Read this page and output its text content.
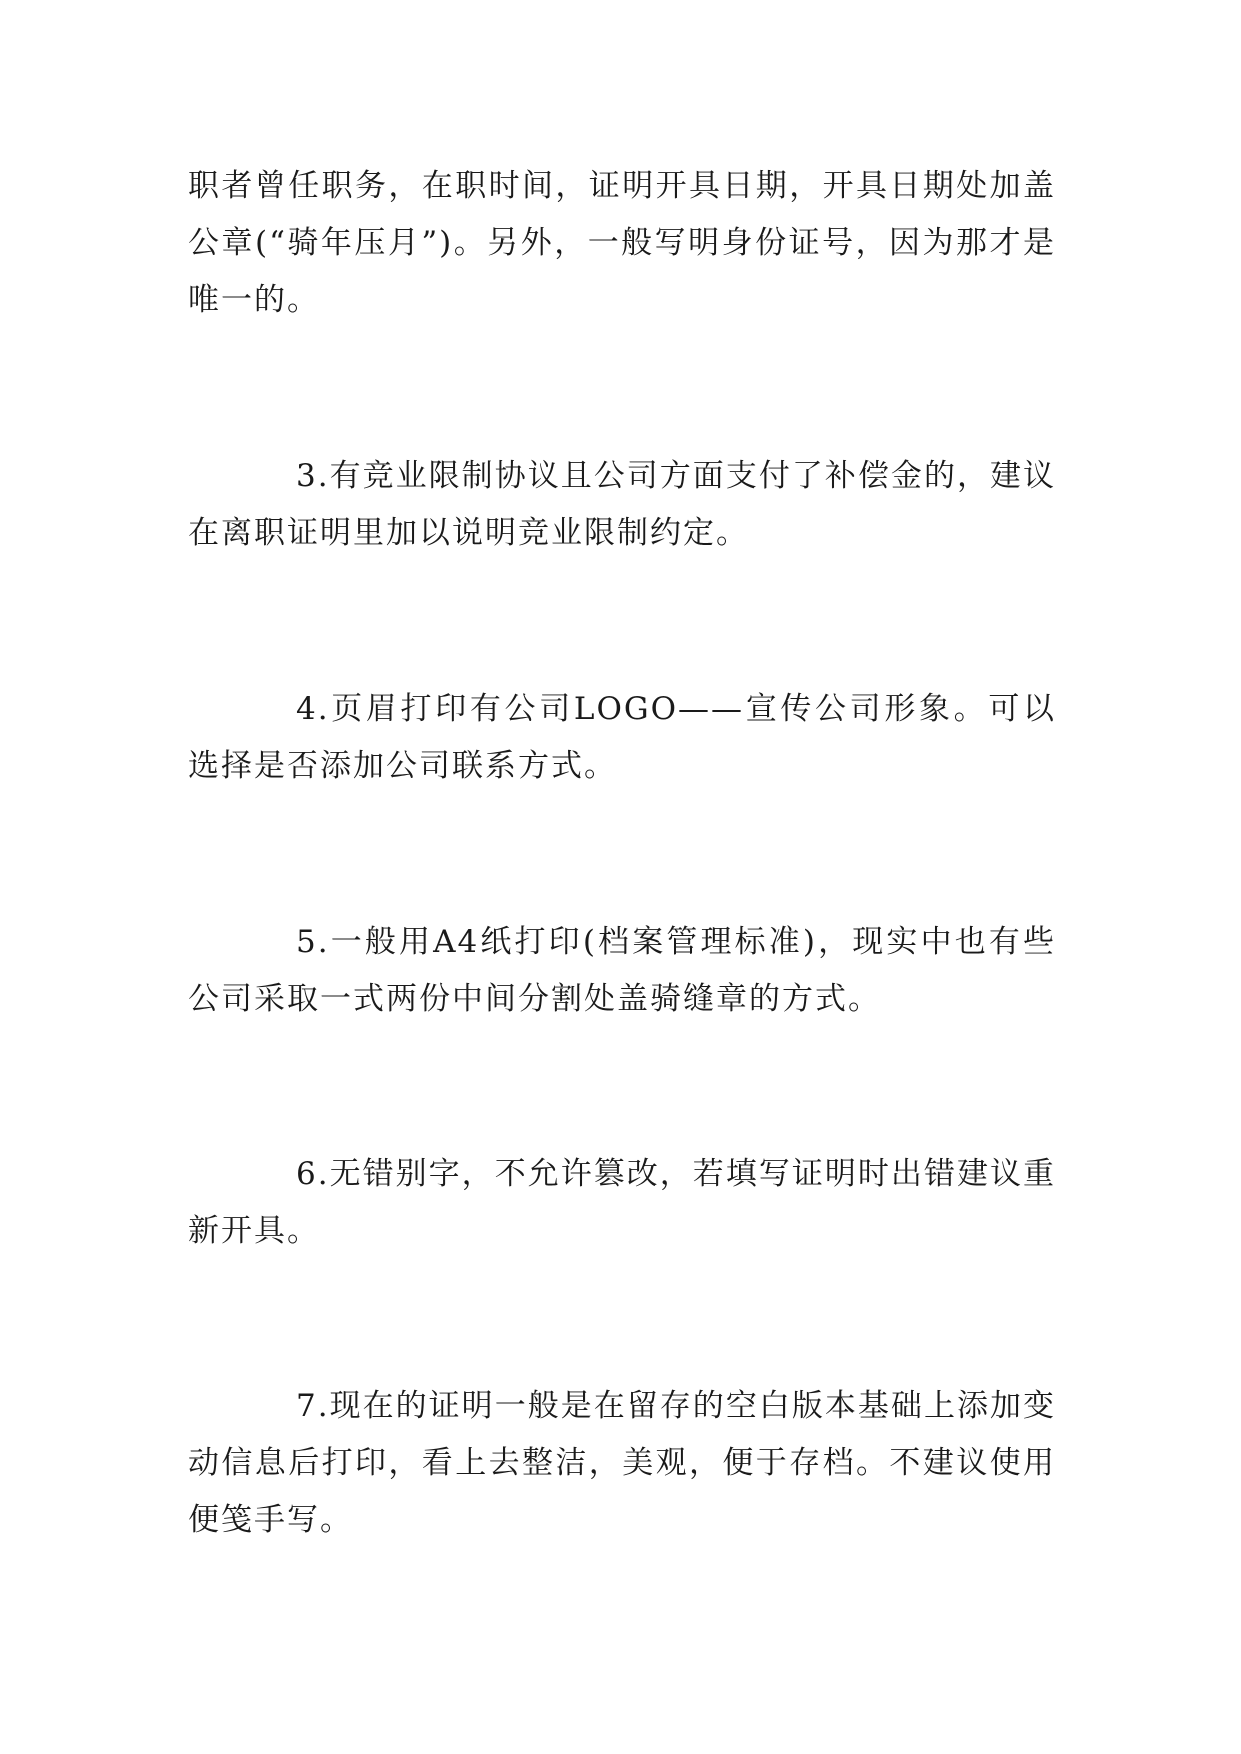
职者曾任职务，在职时间，证明开具日期，开具日期处加盖公章(“骑年压月”)。另外，一般写明身份证号，因为那才是唯一的。

3.有竞业限制协议且公司方面支付了补偿金的，建议在离职证明里加以说明竞业限制约定。

4.页眉打印有公司LOGO——宣传公司形象。可以选择是否添加公司联系方式。

5.一般用A4纸打印(档案管理标准)，现实中也有些公司采取一式两份中间分割处盖骑缝章的方式。

6.无错别字，不允许篡改，若填写证明时出错建议重新开具。

7.现在的证明一般是在留存的空白版本基础上添加变动信息后打印，看上去整洁，美观，便于存档。不建议使用便笺手写。
